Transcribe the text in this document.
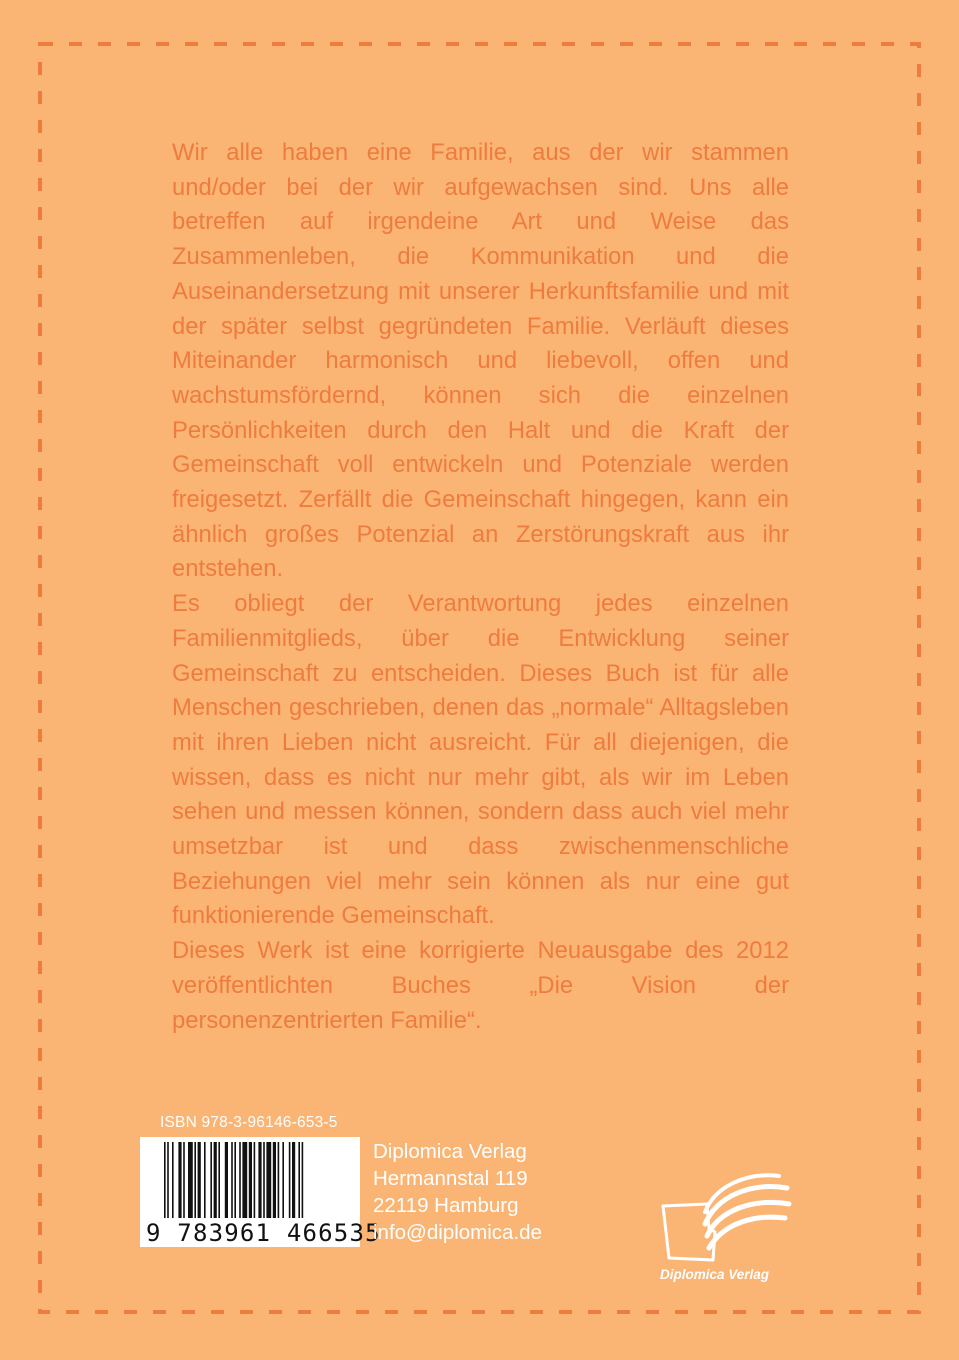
Wir alle haben eine Familie, aus der wir stammen und/oder bei der wir aufgewachsen sind. Uns alle betreffen auf irgendeine Art und Weise das Zusammenleben, die Kommunikation und die Auseinandersetzung mit unserer Herkunftsfamilie und mit der später selbst gegründeten Familie. Verläuft dieses Miteinander harmonisch und liebevoll, offen und wachstumsfördernd, können sich die einzelnen Persönlichkeiten durch den Halt und die Kraft der Gemeinschaft voll entwickeln und Potenziale werden freigesetzt. Zerfällt die Gemeinschaft hingegen, kann ein ähnlich großes Potenzial an Zerstörungskraft aus ihr entstehen.

Es obliegt der Verantwortung jedes einzelnen Familienmitglieds, über die Entwicklung seiner Gemeinschaft zu entscheiden. Dieses Buch ist für alle Menschen geschrieben, denen das „normale“ Alltagsleben mit ihren Lieben nicht ausreicht. Für all diejenigen, die wissen, dass es nicht nur mehr gibt, als wir im Leben sehen und messen können, sondern dass auch viel mehr umsetzbar ist und dass zwischenmenschliche Beziehungen viel mehr sein können als nur eine gut funktionierende Gemeinschaft.

Dieses Werk ist eine korrigierte Neuausgabe des 2012 veröffentlichten Buches „Die Vision der personenzentrierten Familie“.

ISBN 978-3-96146-653-5
9 783961 466535
Diplomica Verlag
Hermannstal 119
22119 Hamburg
info@diplomica.de
Diplomica Verlag
